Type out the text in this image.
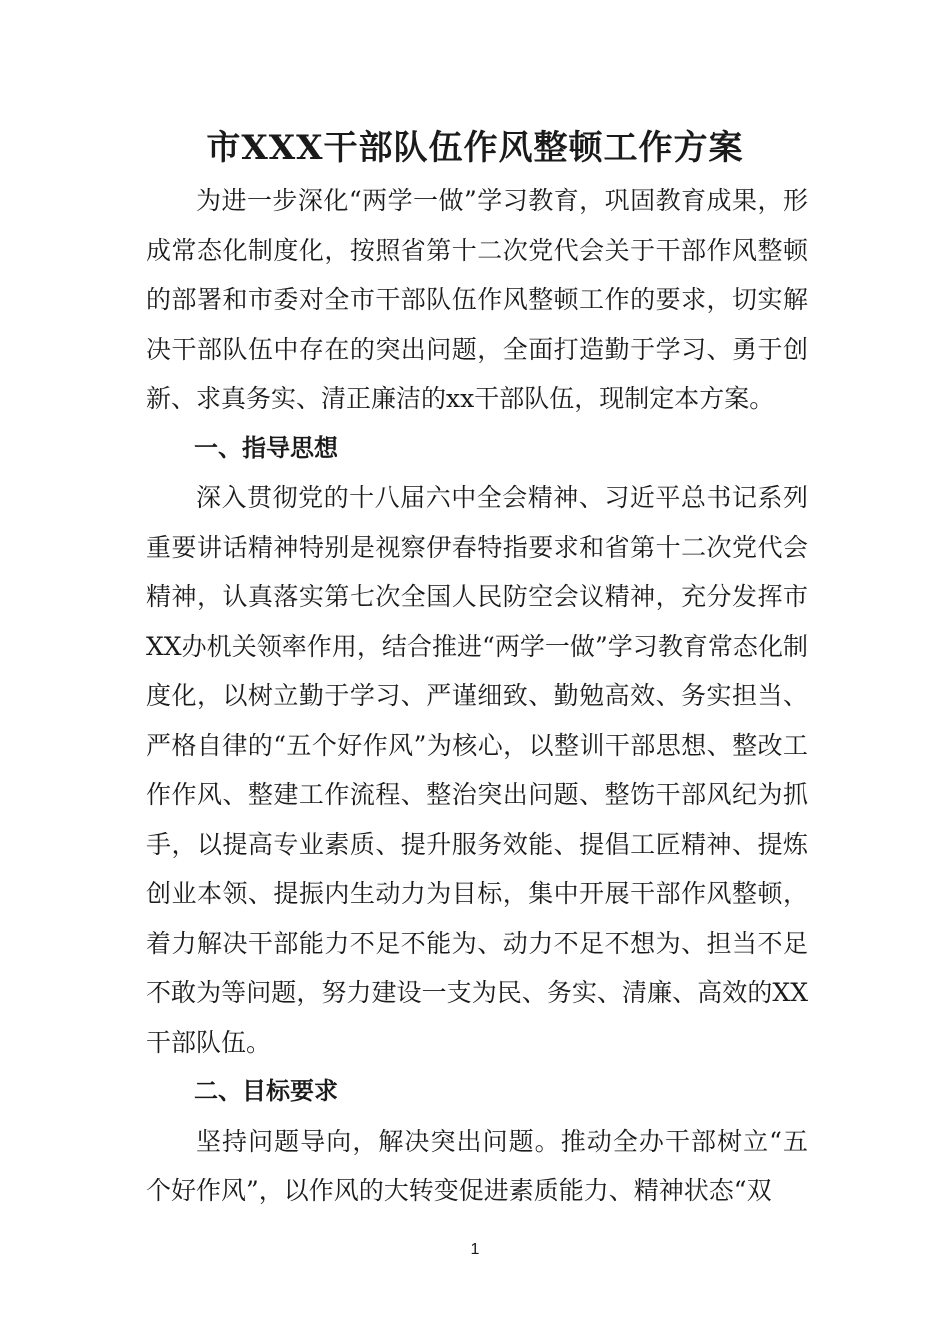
市XXX干部队伍作风整顿工作方案

为进一步深化“两学一做”学习教育，巩固教育成果，形成常态化制度化，按照省第十二次党代会关于干部作风整顿的部署和市委对全市干部队伍作风整顿工作的要求，切实解决干部队伍中存在的突出问题，全面打造勤于学习、勇于创新、求真务实、清正廉洁的xx干部队伍，现制定本方案。

一、指导思想

深入贯彻党的十八届六中全会精神、习近平总书记系列重要讲话精神特别是视察伊春特指要求和省第十二次党代会精神，认真落实第七次全国人民防空会议精神，充分发挥市XX办机关领率作用，结合推进“两学一做”学习教育常态化制度化，以树立勤于学习、严谨细致、勤勉高效、务实担当、严格自律的“五个好作风”为核心，以整训干部思想、整改工作作风、整建工作流程、整治突出问题、整饬干部风纪为抓手，以提高专业素质、提升服务效能、提倡工匠精神、提炼创业本领、提振内生动力为目标，集中开展干部作风整顿，着力解决干部能力不足不能为、动力不足不想为、担当不足不敢为等问题，努力建设一支为民、务实、清廉、高效的XX干部队伍。

二、目标要求

坚持问题导向，解决突出问题。推动全办干部树立“五个好作风”，以作风的大转变促进素质能力、精神状态“双

1
